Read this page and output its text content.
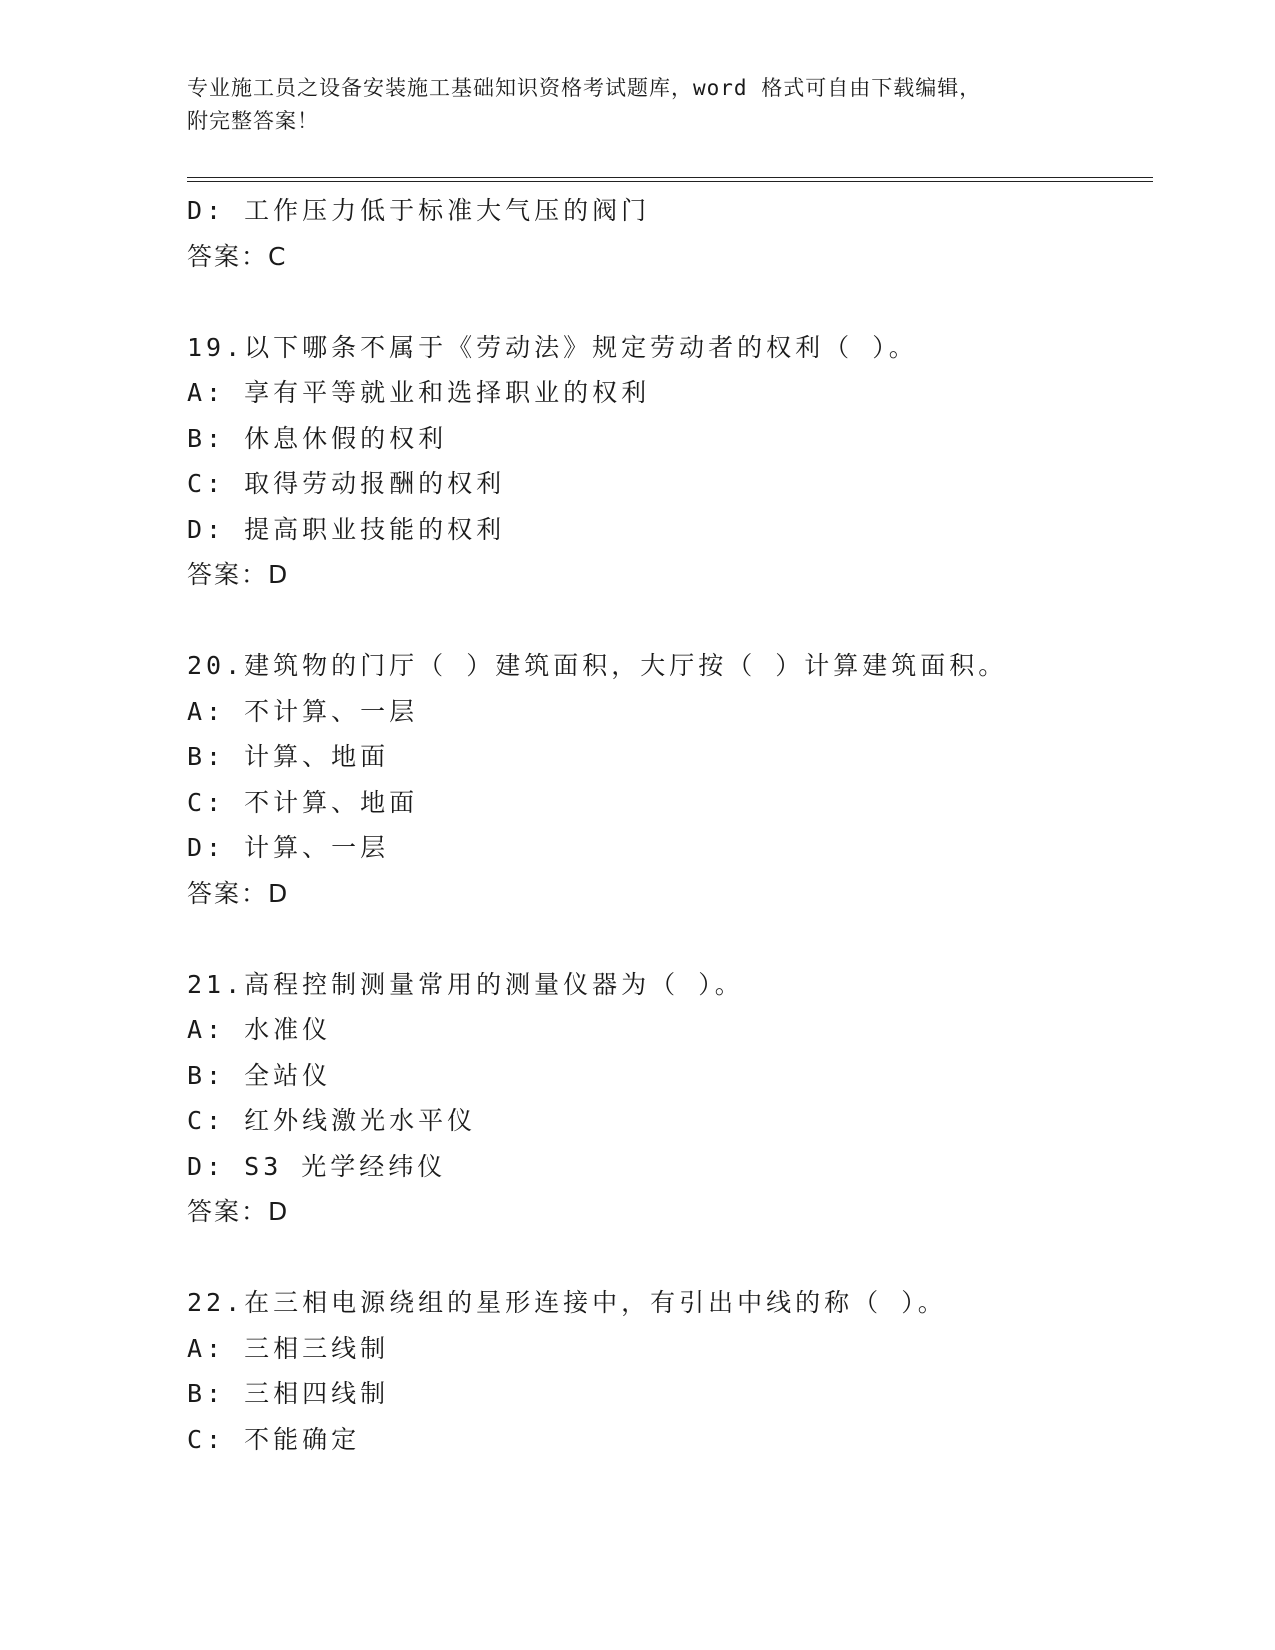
专业施工员之设备安装施工基础知识资格考试题库，word 格式可自由下载编辑，
附完整答案！
D: 工作压力低于标准大气压的阀门
答案：C
19.以下哪条不属于《劳动法》规定劳动者的权利（ ）。
A: 享有平等就业和选择职业的权利
B: 休息休假的权利
C: 取得劳动报酬的权利
D: 提高职业技能的权利
答案：D
20.建筑物的门厅（ ）建筑面积，大厅按（ ）计算建筑面积。
A: 不计算、一层
B: 计算、地面
C: 不计算、地面
D: 计算、一层
答案：D
21.高程控制测量常用的测量仪器为（ ）。
A: 水准仪
B: 全站仪
C: 红外线激光水平仪
D: S3 光学经纬仪
答案：D
22.在三相电源绕组的星形连接中，有引出中线的称（ ）。
A: 三相三线制
B: 三相四线制
C: 不能确定
